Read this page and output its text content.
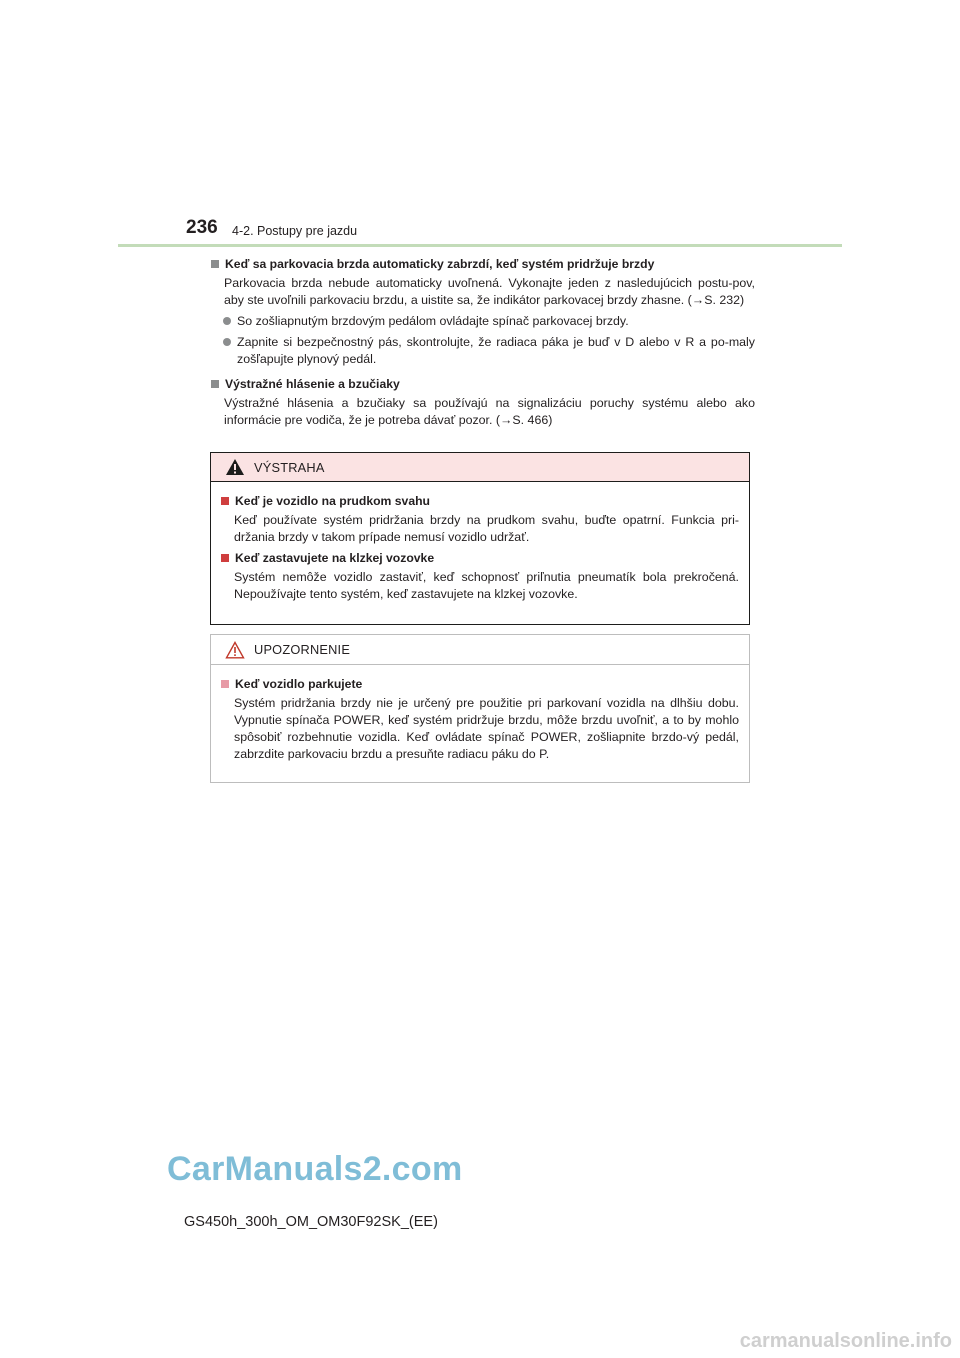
236 4-2. Postupy pre jazdu
Keď sa parkovacia brzda automaticky zabrzdí, keď systém pridržuje brzdy
Parkovacia brzda nebude automaticky uvoľnená. Vykonajte jeden z nasledujúcich postu-pov, aby ste uvoľnili parkovaciu brzdu, a uistite sa, že indikátor parkovacej brzdy zhasne. (→S. 232)
So zošliapnutým brzdovým pedálom ovládajte spínač parkovacej brzdy.
Zapnite si bezpečnostný pás, skontrolujte, že radiaca páka je buď v D alebo v R a po-maly zošľapujte plynový pedál.
Výstražné hlásenie a bzučiaky
Výstražné hlásenia a bzučiaky sa používajú na signalizáciu poruchy systému alebo ako informácie pre vodiča, že je potreba dávať pozor. (→S. 466)
VÝSTRAHA
Keď je vozidlo na prudkom svahu
Keď používate systém pridržania brzdy na prudkom svahu, buďte opatrní. Funkcia pri-držania brzdy v takom prípade nemusí vozidlo udržať.
Keď zastavujete na klzkej vozovke
Systém nemôže vozidlo zastaviť, keď schopnosť priľnutia pneumatík bola prekročená. Nepoužívajte tento systém, keď zastavujete na klzkej vozovke.
UPOZORNENIE
Keď vozidlo parkujete
Systém pridržania brzdy nie je určený pre použitie pri parkovaní vozidla na dlhšiu dobu. Vypnutie spínača POWER, keď systém pridržuje brzdu, môže brzdu uvoľniť, a to by mohlo spôsobiť rozbehnutie vozidla. Keď ovládate spínač POWER, zošliapnite brzdo-vý pedál, zabrzdite parkovaciu brzdu a presuňte radiacu páku do P.
CarManuals2.com
GS450h_300h_OM_OM30F92SK_(EE)
carmanualsonline.info
